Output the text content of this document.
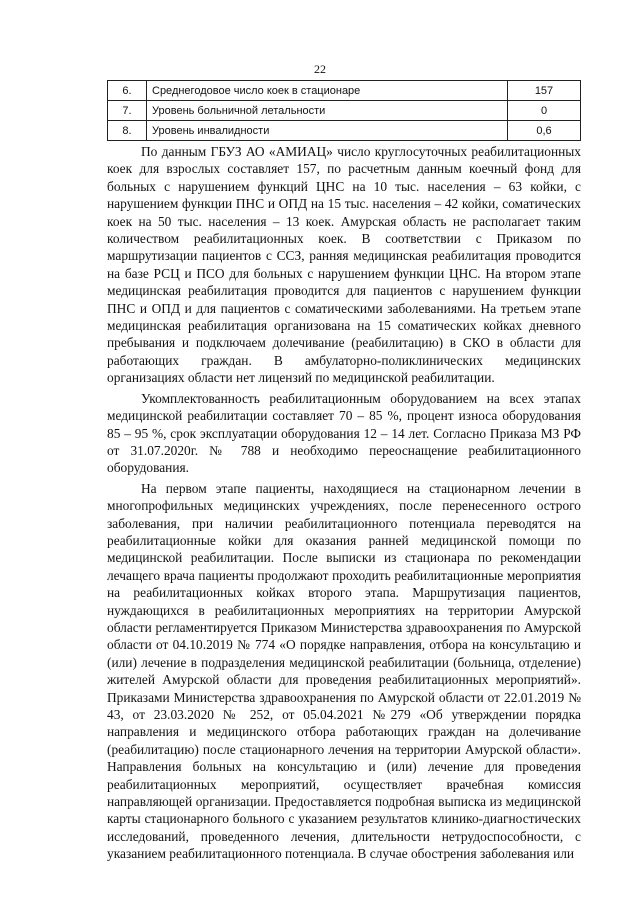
22
6.	Среднегодовое число коек в стационаре	157
7.	Уровень больничной летальности	0
8.	Уровень инвалидности	0,6

По данным ГБУЗ АО «АМИАЦ» число круглосуточных реабилитационных коек для взрослых составляет 157, по расчетным данным коечный фонд для больных с нарушением функций ЦНС на 10 тыс. населения – 63 койки, с нарушением функции ПНС и ОПД на 15 тыс. населения – 42 койки, соматических коек на 50 тыс. населения – 13 коек. Амурская область не располагает таким количеством реабилитационных коек. В соответствии с Приказом по маршрутизации пациентов с ССЗ, ранняя медицинская реабилитация проводится на базе РСЦ и ПСО для больных с нарушением функции ЦНС. На втором этапе медицинская реабилитация проводится для пациентов с нарушением функции ПНС и ОПД и для пациентов с соматическими заболеваниями. На третьем этапе медицинская реабилитация организована на 15 соматических койках дневного пребывания и подключаем долечивание (реабилитацию) в СКО в области для работающих граждан. В амбулаторно-поликлинических медицинских организациях области нет лицензий по медицинской реабилитации.

Укомплектованность реабилитационным оборудованием на всех этапах медицинской реабилитации составляет 70 – 85 %, процент износа оборудования 85 – 95 %, срок эксплуатации оборудования 12 – 14 лет. Согласно Приказа МЗ РФ от 31.07.2020г. № 788 и необходимо переоснащение реабилитационного оборудования.

На первом этапе пациенты, находящиеся на стационарном лечении в многопрофильных медицинских учреждениях, после перенесенного острого заболевания, при наличии реабилитационного потенциала переводятся на реабилитационные койки для оказания ранней медицинской помощи по медицинской реабилитации. После выписки из стационара по рекомендации лечащего врача пациенты продолжают проходить реабилитационные мероприятия на реабилитационных койках второго этапа. Маршрутизация пациентов, нуждающихся в реабилитационных мероприятиях на территории Амурской области регламентируется Приказом Министерства здравоохранения по Амурской области от 04.10.2019 № 774 «О порядке направления, отбора на консультацию и (или) лечение в подразделения медицинской реабилитации (больница, отделение) жителей Амурской области для проведения реабилитационных мероприятий». Приказами Министерства здравоохранения по Амурской области от 22.01.2019 № 43, от 23.03.2020 № 252, от 05.04.2021 №279 «Об утверждении порядка направления и медицинского отбора работающих граждан на долечивание (реабилитацию) после стационарного лечения на территории Амурской области». Направления больных на консультацию и (или) лечение для проведения реабилитационных мероприятий, осуществляет врачебная комиссия направляющей организации. Предоставляется подробная выписка из медицинской карты стационарного больного с указанием результатов клинико-диагностических исследований, проведенного лечения, длительности нетрудоспособности, с указанием реабилитационного потенциала. В случае обострения заболевания или
